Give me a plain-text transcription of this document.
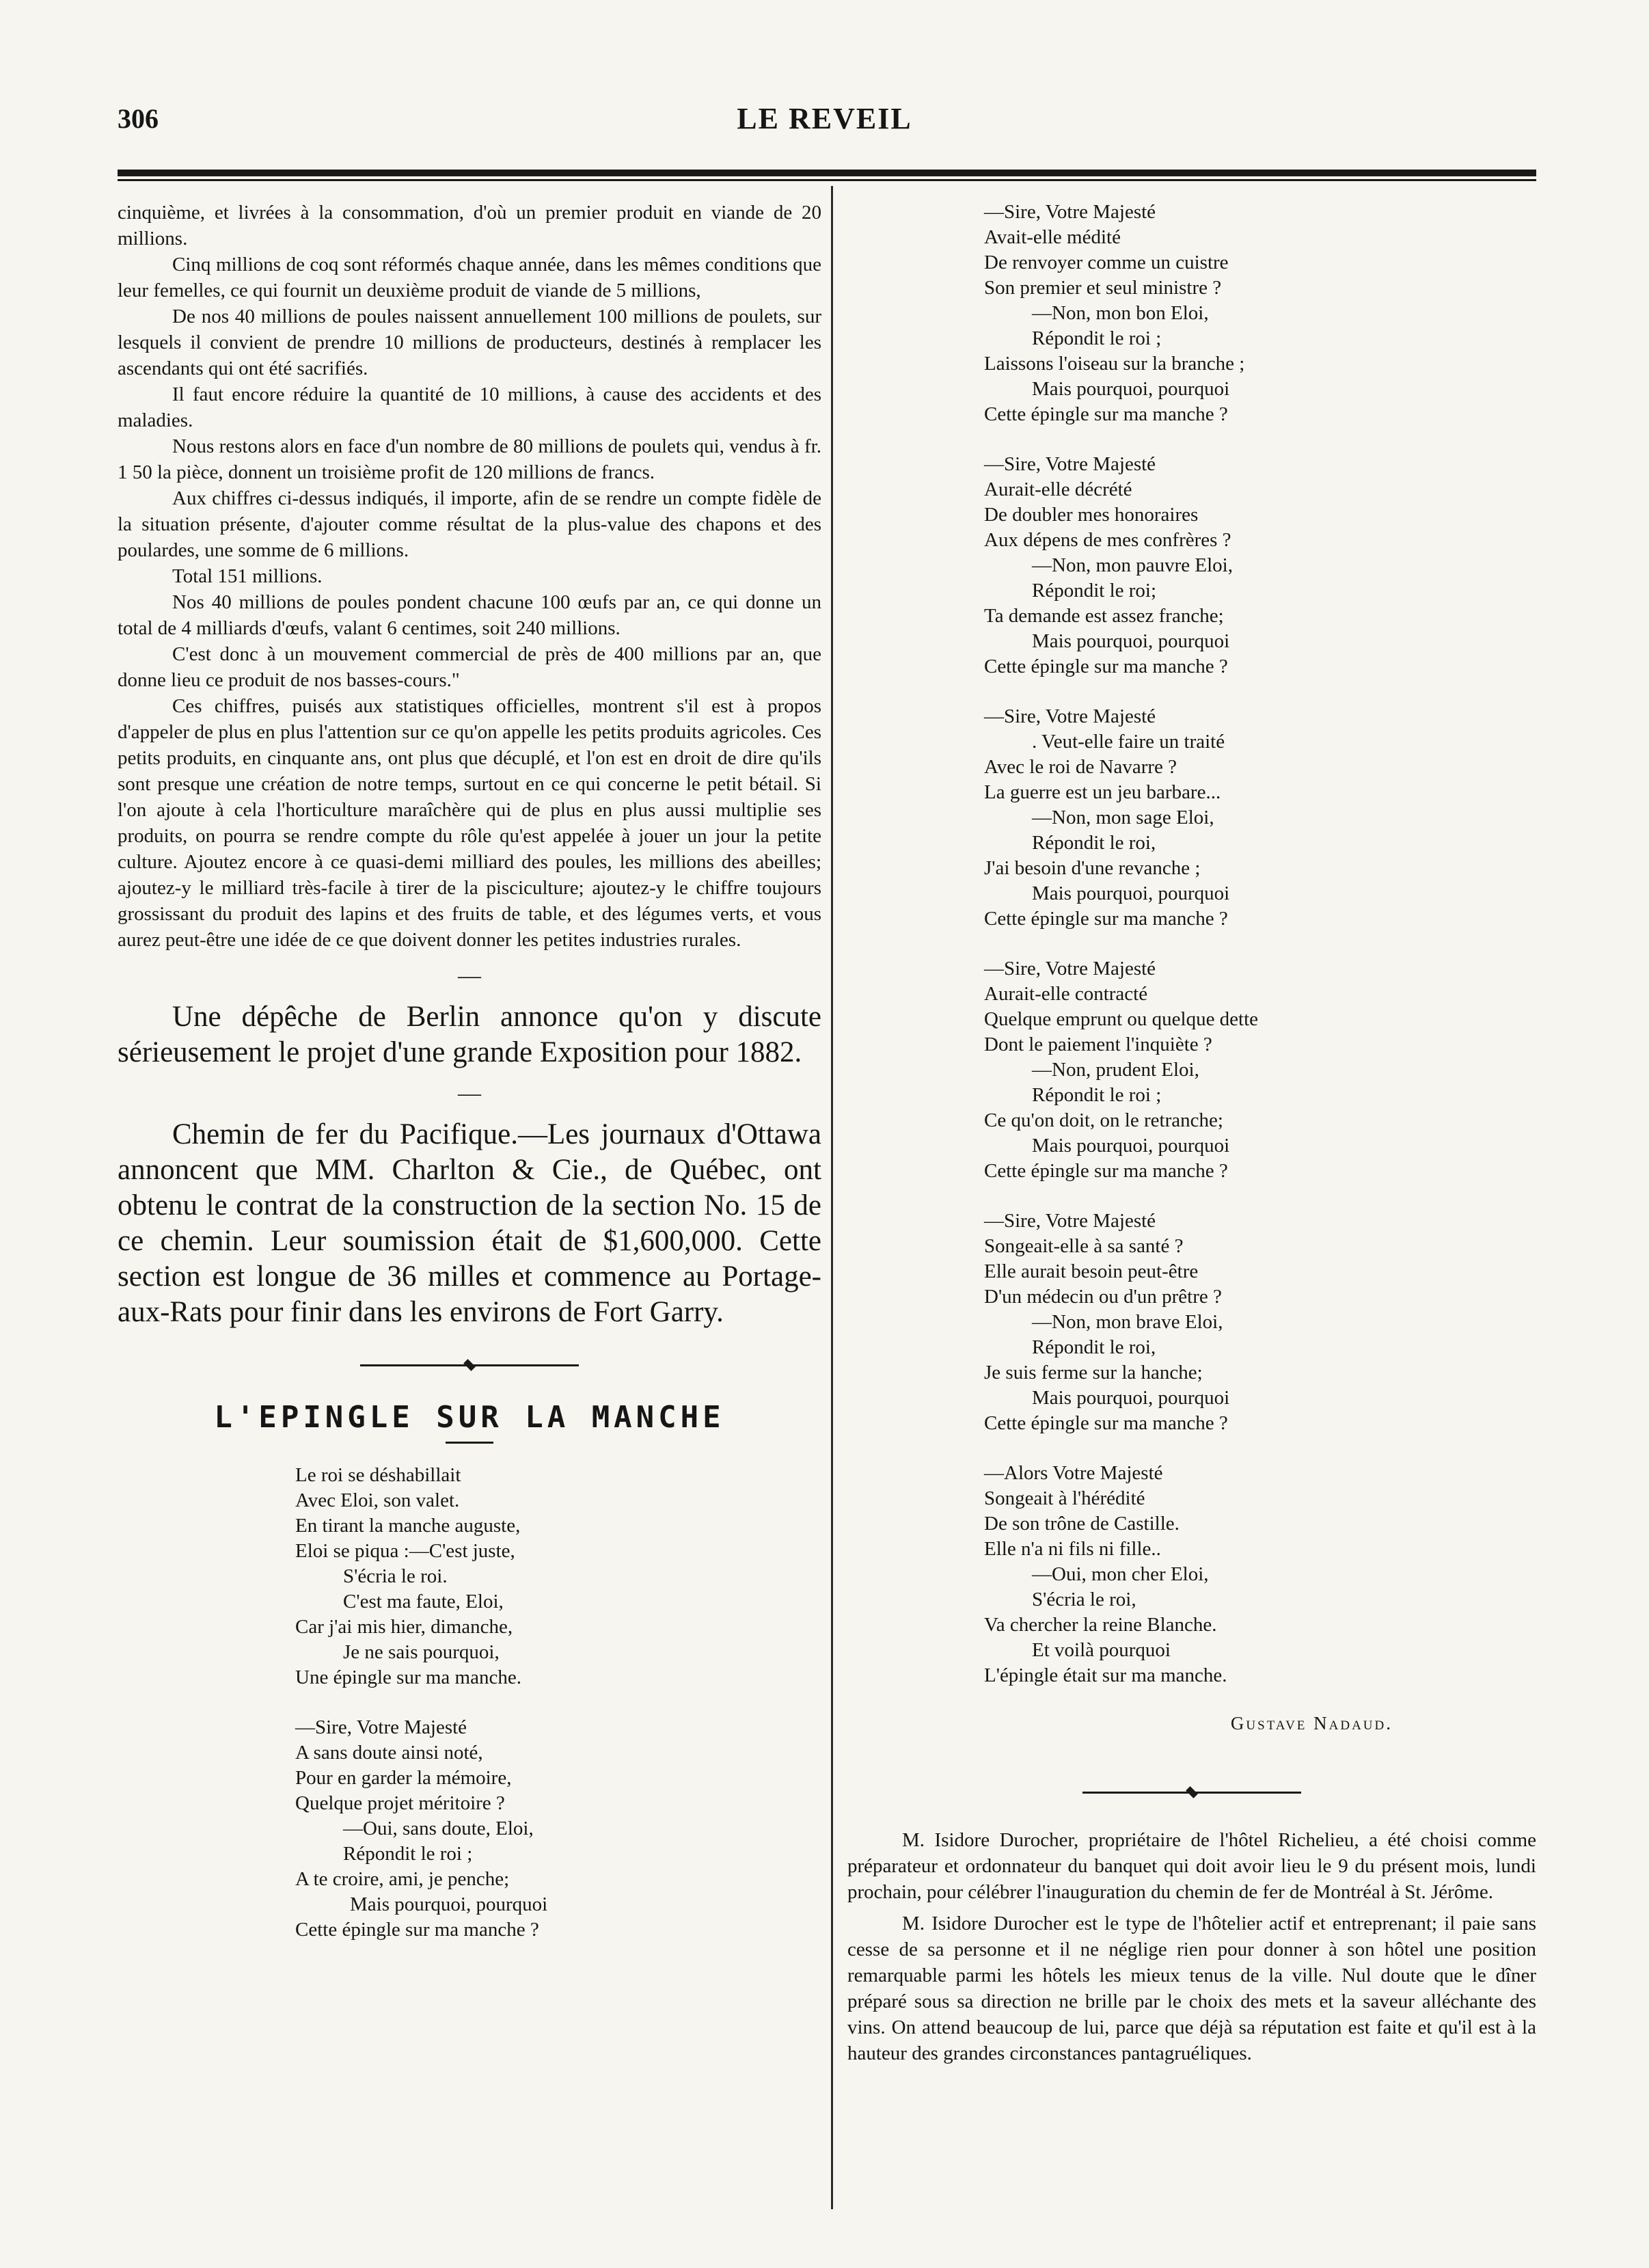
306	LE REVEIL

cinquième, et livrées à la consommation, d'où un premier produit en viande de 20 millions.

Cinq millions de coq sont réformés chaque année, dans les mêmes conditions que leur femelles, ce qui fournit un deuxième produit de viande de 5 millions,

De nos 40 millions de poules naissent annuellement 100 millions de poulets, sur lesquels il convient de prendre 10 millions de producteurs, destinés à remplacer les ascendants qui ont été sacrifiés.

Il faut encore réduire la quantité de 10 millions, à cause des accidents et des maladies.

Nous restons alors en face d'un nombre de 80 millions de poulets qui, vendus à fr. 1 50 la pièce, donnent un troisième profit de 120 millions de francs.

Aux chiffres ci-dessus indiqués, il importe, afin de se rendre un compte fidèle de la situation présente, d'ajouter comme résultat de la plus-value des chapons et des poulardes, une somme de 6 millions.

Total 151 millions.

Nos 40 millions de poules pondent chacune 100 œufs par an, ce qui donne un total de 4 milliards d'œufs, valant 6 centimes, soit 240 millions.

C'est donc à un mouvement commercial de près de 400 millions par an, que donne lieu ce produit de nos basses-cours."

Ces chiffres, puisés aux statistiques officielles, montrent s'il est à propos d'appeler de plus en plus l'attention sur ce qu'on appelle les petits produits agricoles. Ces petits produits, en cinquante ans, ont plus que décuplé, et l'on est en droit de dire qu'ils sont presque une création de notre temps, surtout en ce qui concerne le petit bétail. Si l'on ajoute à cela l'horticulture maraîchère qui de plus en plus aussi multiplie ses produits, on pourra se rendre compte du rôle qu'est appelée à jouer un jour la petite culture. Ajoutez encore à ce quasi-demi milliard des poules, les millions des abeilles; ajoutez-y le milliard très-facile à tirer de la pisciculture; ajoutez-y le chiffre toujours grossissant du produit des lapins et des fruits de table, et des légumes verts, et vous aurez peut-être une idée de ce que doivent donner les petites industries rurales.

—

Une dépêche de Berlin annonce qu'on y discute sérieusement le projet d'une grande Exposition pour 1882.

—

Chemin de fer du Pacifique.—Les journaux d'Ottawa annoncent que MM. Charlton & Cie., de Québec, ont obtenu le contrat de la construction de la section No. 15 de ce chemin. Leur soumission était de $1,600,000. Cette section est longue de 36 milles et commence au Portage-aux-Rats pour finir dans les environs de Fort Garry.

L'EPINGLE SUR LA MANCHE
Le roi se déshabillait
Avec Eloi, son valet.
En tirant la manche auguste,
Eloi se piqua :—C'est juste,
S'écria le roi.
C'est ma faute, Eloi,
Car j'ai mis hier, dimanche,
Je ne sais pourquoi,
Une épingle sur ma manche.
—Sire, Votre Majesté
A sans doute ainsi noté,
Pour en garder la mémoire,
Quelque projet méritoire ?
—Oui, sans doute, Eloi,
Répondit le roi ;
A te croire, ami, je penche;
Mais pourquoi, pourquoi
Cette épingle sur ma manche ?
—Sire, Votre Majesté
Avait-elle médité
De renvoyer comme un cuistre
Son premier et seul ministre ?
—Non, mon bon Eloi,
Répondit le roi ;
Laissons l'oiseau sur la branche ;
Mais pourquoi, pourquoi
Cette épingle sur ma manche ?
—Sire, Votre Majesté
Aurait-elle décrété
De doubler mes honoraires
Aux dépens de mes confrères ?
—Non, mon pauvre Eloi,
Répondit le roi;
Ta demande est assez franche;
Mais pourquoi, pourquoi
Cette épingle sur ma manche ?
—Sire, Votre Majesté
. Veut-elle faire un traité
Avec le roi de Navarre ?
La guerre est un jeu barbare...
—Non, mon sage Eloi,
Répondit le roi,
J'ai besoin d'une revanche ;
Mais pourquoi, pourquoi
Cette épingle sur ma manche ?
—Sire, Votre Majesté
Aurait-elle contracté
Quelque emprunt ou quelque dette
Dont le paiement l'inquiète ?
—Non, prudent Eloi,
Répondit le roi ;
Ce qu'on doit, on le retranche;
Mais pourquoi, pourquoi
Cette épingle sur ma manche ?
—Sire, Votre Majesté
Songeait-elle à sa santé ?
Elle aurait besoin peut-être
D'un médecin ou d'un prêtre ?
—Non, mon brave Eloi,
Répondit le roi,
Je suis ferme sur la hanche;
Mais pourquoi, pourquoi
Cette épingle sur ma manche ?
—Alors Votre Majesté
Songeait à l'hérédité
De son trône de Castille.
Elle n'a ni fils ni fille..
—Oui, mon cher Eloi,
S'écria le roi,
Va chercher la reine Blanche.
Et voilà pourquoi
L'épingle était sur ma manche.
Gustave Nadaud.

M. Isidore Durocher, propriétaire de l'hôtel Richelieu, a été choisi comme préparateur et ordonnateur du banquet qui doit avoir lieu le 9 du présent mois, lundi prochain, pour célébrer l'inauguration du chemin de fer de Montréal à St. Jérôme.

M. Isidore Durocher est le type de l'hôtelier actif et entreprenant; il paie sans cesse de sa personne et il ne néglige rien pour donner à son hôtel une position remarquable parmi les hôtels les mieux tenus de la ville. Nul doute que le dîner préparé sous sa direction ne brille par le choix des mets et la saveur alléchante des vins. On attend beaucoup de lui, parce que déjà sa réputation est faite et qu'il est à la hauteur des grandes circonstances pantagruéliques.
